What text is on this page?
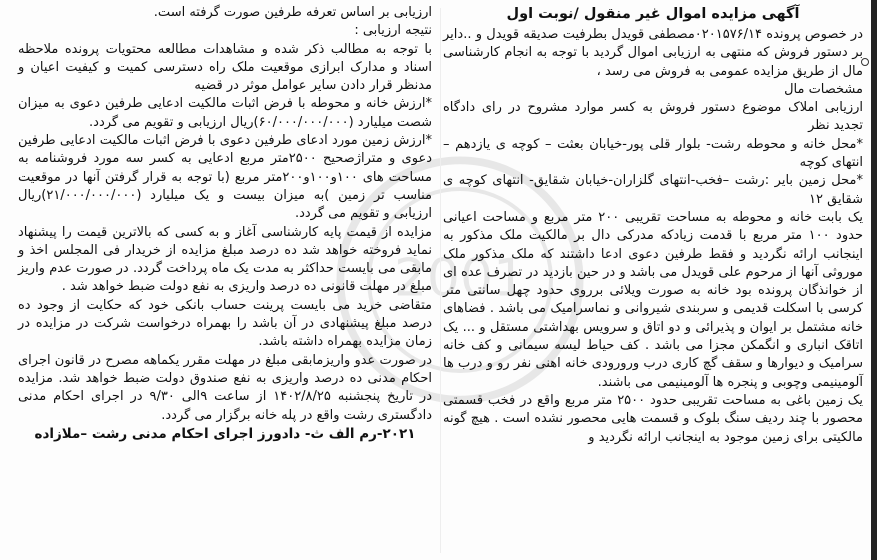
2001

آگهی مزایده اموال غیر منقول /نوبت اول

در خصوص پرونده ۰۲۰۱۵۷۶/۱۴مصطفی قویدل بطرفیت صدیقه قویدل و ..دایر بر دستور فروش که منتهی به ارزیابی اموال گردید با توجه به انجام کارشناسی مال از طریق مزایده عمومی به فروش می رسد ،

مشخصات مال

ارزیابی املاک موضوع دستور فروش به کسر موارد مشروح در رای دادگاه تجدید نظر

*محل خانه و محوطه رشت- بلوار قلی پور-خیابان بعثت – کوچه ی یازدهم –انتهای کوچه

*محل زمین بایر :رشت –فخب-انتهای گلزاران-خیابان شقایق- انتهای کوچه ی شقایق ۱۲

یک بابت خانه و محوطه به مساحت تقریبی ۲۰۰ متر مربع و مساحت اعیانی حدود ۱۰۰ متر مربع با قدمت زیادکه مدرکی دال بر مالکیت ملک مذکور به اینجانب ارائه نگردید و فقط طرفین دعوی ادعا داشتند که ملک مذکور ملک موروثی آنها از مرحوم علی قویدل می باشد و در حین بازدید در تصرف عده ای از خوانذگان پرونده بود خانه به صورت ویلائی برروی حدود چهل سانتی متر کرسی با اسکلت قدیمی و سربندی شیروانی و نماسرامیک می باشد . فضاهای خانه مشتمل بر ایوان و پذیرائی و دو اتاق و سرویس بهداشتی مستقل و ... یک اتاقک انباری و انگمکن مجزا می باشد . کف حیاط لیسه سیمانی و کف خانه سرامیک و دیوارها و سقف گچ کاری درب ورورودی خانه اهنی نفر رو و درب ها آلومینیمی وچوبی و پنجره ها آلومینیمی می باشند.

یک زمین باغی به مساحت تقریبی حدود ۲۵۰۰ متر مربع واقع در فخب قسمتی محصور با چند ردیف سنگ بلوک و قسمت هایی محصور نشده است . هیچ گونه مالکیتی برای زمین موجود به اینجانب ارائه نگردید و

ارزیابی بر اساس تعرفه طرفین صورت گرفته است.

نتیجه ارزیابی :

با توجه به مطالب ذکر شده و مشاهدات مطالعه محتویات پرونده ملاحظه اسناد و مدارک ابرازی موقعیت ملک راه دسترسی کمیت و کیفیت اعیان و مدنظر قرار دادن سایر عوامل موثر در قضیه

*ارزش خانه و محوطه با فرض اثبات مالکیت ادعایی طرفین دعوی به میزان شصت میلیارد (۶۰/۰۰۰/۰۰۰/۰۰۰)ریال ارزیابی و تقویم می گردد.

*ارزش زمین مورد ادعای طرفین دعوی با فرض اثبات مالکیت ادعایی طرفین دعوی و متراژصحیح ۲۵۰۰متر مربع ادعایی به کسر سه مورد فروشنامه به مساحت های ۱۰۰و۱۰۰و۲۰۰متر مربع (با توجه به قرار گرفتن آنها در موقعیت مناسب تر زمین )به میزان بیست و یک میلیارد (۲۱/۰۰۰/۰۰۰/۰۰۰)ریال ارزیابی و تقویم می گردد.

مزایده از قیمت پایه کارشناسی آغاز و به کسی که بالاترین قیمت را پیشنهاد نماید فروخته خواهد شد ده درصد مبلغ مزایده از خریدار فی المجلس اخذ و مابقی می بایست حداکثر به مدت یک ماه پرداخت گردد. در صورت عدم واریز مبلغ در مهلت قانونی ده درصد واریزی به نفع دولت ضبط خواهد شد .

متقاضی خرید می بایست پرینت حساب بانکی خود که حکایت از وجود ده درصد مبلغ پیشنهادی در آن باشد را بهمراه درخواست شرکت در مزایده در زمان مزایده بهمراه داشته باشد.

در صورت عدو واریزمابقی مبلغ در مهلت مقرر یکماهه مصرح در قانون اجرای احکام مدنی ده درصد واریزی به نفع صندوق دولت ضبط خواهد شد. مزایده در تاریخ پنجشنبه ۱۴۰۲/۸/۲۵ از ساعت ۹الی ۹/۳۰ در اجرای احکام مدنی دادگستری رشت واقع در پله خانه برگزار می گردد.

۲۰۲۱-رم الف ث- دادورز اجرای احکام مدنی رشت –ملازاده
